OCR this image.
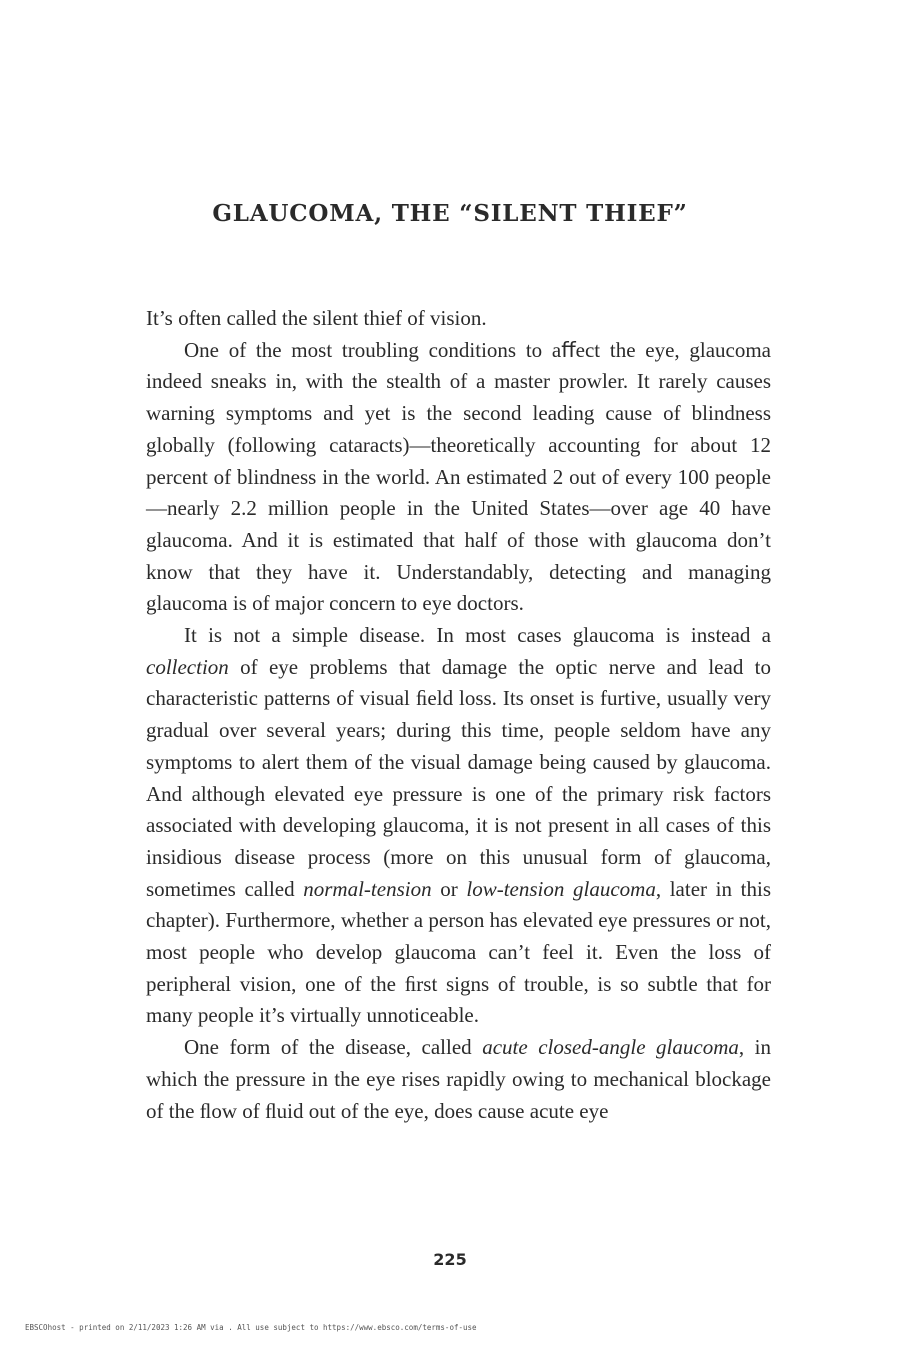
GLAUCOMA, THE “SILENT THIEF”

It’s often called the silent thief of vision.

One of the most troubling conditions to aﬀect the eye, glaucoma indeed sneaks in, with the stealth of a master prowler. It rarely causes warning symptoms and yet is the second leading cause of blindness globally (following cataracts)—theoretically accounting for about 12 percent of blindness in the world. An estimated 2 out of every 100 people—nearly 2.2 million people in the United States—over age 40 have glaucoma. And it is estimated that half of those with glaucoma don’t know that they have it. Understandably, detecting and managing glaucoma is of major concern to eye doctors.

It is not a simple disease. In most cases glaucoma is instead a collection of eye problems that damage the optic nerve and lead to characteristic patterns of visual ﬁeld loss. Its onset is furtive, usually very gradual over several years; during this time, people seldom have any symptoms to alert them of the visual damage being caused by glaucoma. And although elevated eye pressure is one of the primary risk factors associated with developing glaucoma, it is not present in all cases of this insidious disease process (more on this unusual form of glaucoma, sometimes called normal-tension or low-tension glaucoma, later in this chapter). Furthermore, whether a person has elevated eye pressures or not, most people who develop glaucoma can’t feel it. Even the loss of peripheral vision, one of the ﬁrst signs of trouble, is so subtle that for many people it’s virtually unnoticeable.

One form of the disease, called acute closed-angle glaucoma, in which the pressure in the eye rises rapidly owing to mechanical blockage of the ﬂow of ﬂuid out of the eye, does cause acute eye

225
EBSCOhost - printed on 2/11/2023 1:26 AM via . All use subject to https://www.ebsco.com/terms-of-use
